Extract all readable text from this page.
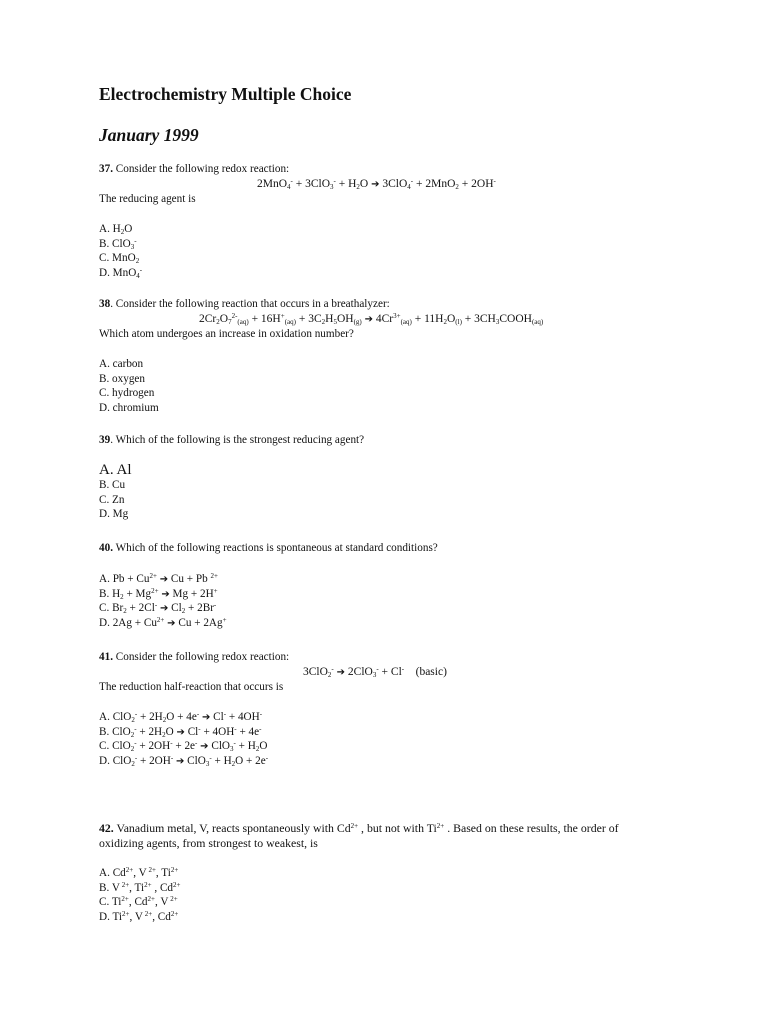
Electrochemistry Multiple Choice
January 1999
37. Consider the following redox reaction:
$2MnO_4^- + 3ClO_3^- + H_2O$ ➔ 3ClO$_4$- + 2MnO$_2$ + 2OH-
The reducing agent is
A. $H_2O$
B. ClO$_3$-
C. MnO$_2$
D. MnO$_4$-
38. Consider the following reaction that occurs in a breathalyzer:
$2Cr_2O_7^{2-}_{(aq)} + 16H^+_{(aq)} + 3C_2H_5OH_{(g)}$ ➔ $4Cr^{3+}_{(aq)} + 11H_2O_{(l)}$ + $3CH_3COOH_{(aq)}$
Which atom undergoes an increase in oxidation number?
A. carbon
B. oxygen
C. hydrogen
D. chromium
39. Which of the following is the strongest reducing agent?
A. Al
B. Cu
C. Zn
D. Mg
40. Which of the following reactions is spontaneous at standard conditions?
A. $Pb + Cu^{2+}$ ➔ Cu + Pb $^{2+}$
B. $H_2 + Mg^{2+}$ ➔ Mg + 2H+
C. $Br_2 + 2Cl^-$ ➔ $Cl_2 + 2Br^-$
D. $2Ag + Cu^{2+}$ ➔ Cu + 2Ag+
41. Consider the following redox reaction:
3ClO$_2$- ➔ 2ClO$_3$- + Cl- (basic)
The reduction half-reaction that occurs is
A. $ClO_2^- + 2H_2O + 4e^-$ ➔ Cl- + 4OH-
B. $ClO_2^- + 2H_2O$ ➔ Cl- + 4OH- + 4e-
C. ClO$_2$- + 2OH- + 2e- ➔ $ClO_3^- + H_2O$
D. ClO$_2$- + 2OH- ➔ $ClO_3^- + H_2O + 2e^-$
42. Vanadium metal, V, reacts spontaneously with $Cd^{2+}$ , but not with $Ti^{2+}$ . Based on these results, the order of
oxidizing agents, from strongest to weakest, is
A. $Cd^{2+}$, V $^{2+}$, $Ti^{2+}$
B. V $^{2+}$, $Ti^{2+}$ , $Cd^{2+}$
C. $Ti^{2+}$, $Cd^{2+}$, V $^{2+}$
D. $Ti^{2+}$, V $^{2+}$, $Cd^{2+}$
